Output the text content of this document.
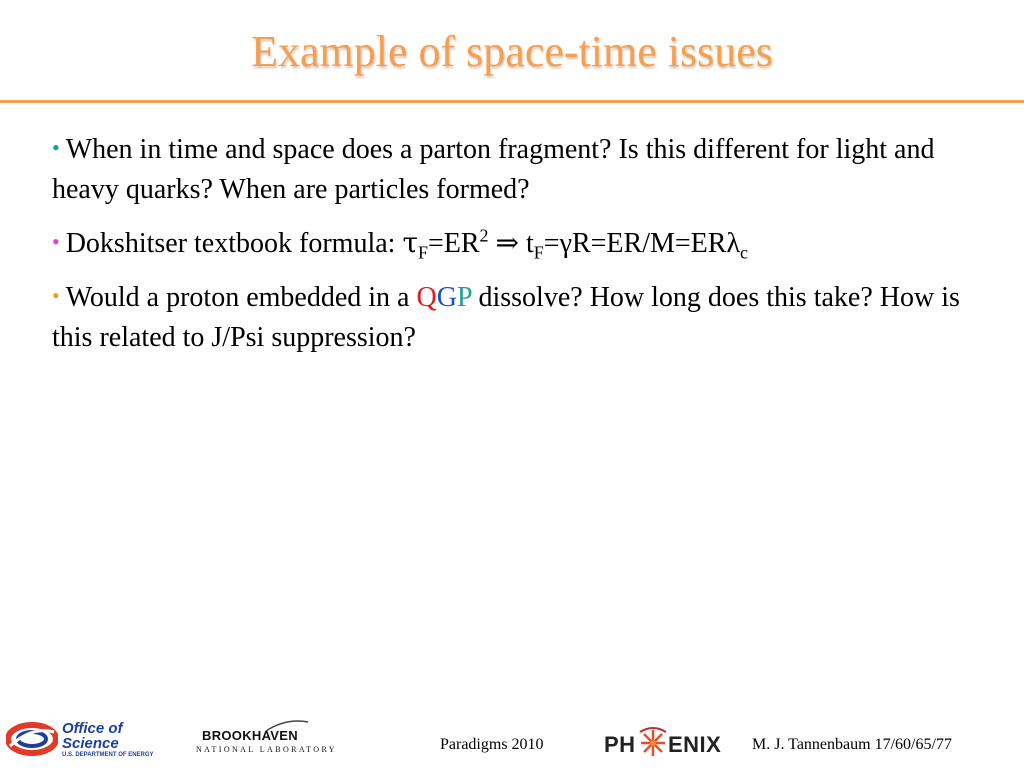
Example of space-time issues
• When in time and space does a parton fragment? Is this different for light and heavy quarks? When are particles formed?
• Dokshitser textbook formula: $\tau_F=ER^2$ ⇒ $t_F=\gamma R=ER/M=ER\lambda_c$
• Would a proton embedded in a QGP dissolve? How long does this take? How is this related to J/Psi suppression?
Office of
Science
U.S. DEPARTMENT OF ENERGY
BROOKHAVEN
NATIONAL LABORATORY	Paradigms 2010	PH ENIX M. J. Tannenbaum 17/60/65/77
